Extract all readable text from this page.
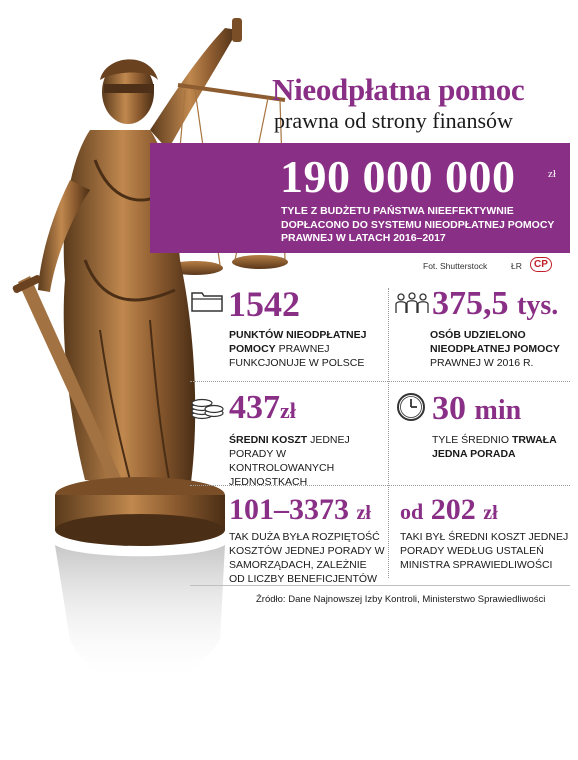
Nieodpłatna pomoc
prawna od strony finansów
190 000 000	zł
TYLE Z BUDŻETU PAŃSTWA NIEEFEKTYWNIE DOPŁACONO DO SYSTEMU NIEODPŁATNEJ POMOCY PRAWNEJ W LATACH 2016–2017
Fot. Shutterstock	ŁR	CP
1542
PUNKTÓW NIEODPŁATNEJ POMOCY PRAWNEJ FUNKCJONUJE W POLSCE
375,5 tys.
OSÓB UDZIELONO NIEODPŁATNEJ POMOCY PRAWNEJ W 2016 R.
437zł
ŚREDNI KOSZT JEDNEJ PORADY W KONTROLOWANYCH JEDNOSTKACH
30 min
TYLE ŚREDNIO TRWAŁA JEDNA PORADA
101–3373 zł
TAK DUŻA BYŁA ROZPIĘTOŚĆ KOSZTÓW JEDNEJ PORADY W SAMORZĄDACH, ZALEŻNIE OD LICZBY BENEFICJENTÓW
od 202 zł
TAKI BYŁ ŚREDNI KOSZT JEDNEJ PORADY WEDŁUG USTALEŃ MINISTRA SPRAWIEDLIWOŚCI
Źródło: Dane Najnowszej Izby Kontroli, Ministerstwo Sprawiedliwości
